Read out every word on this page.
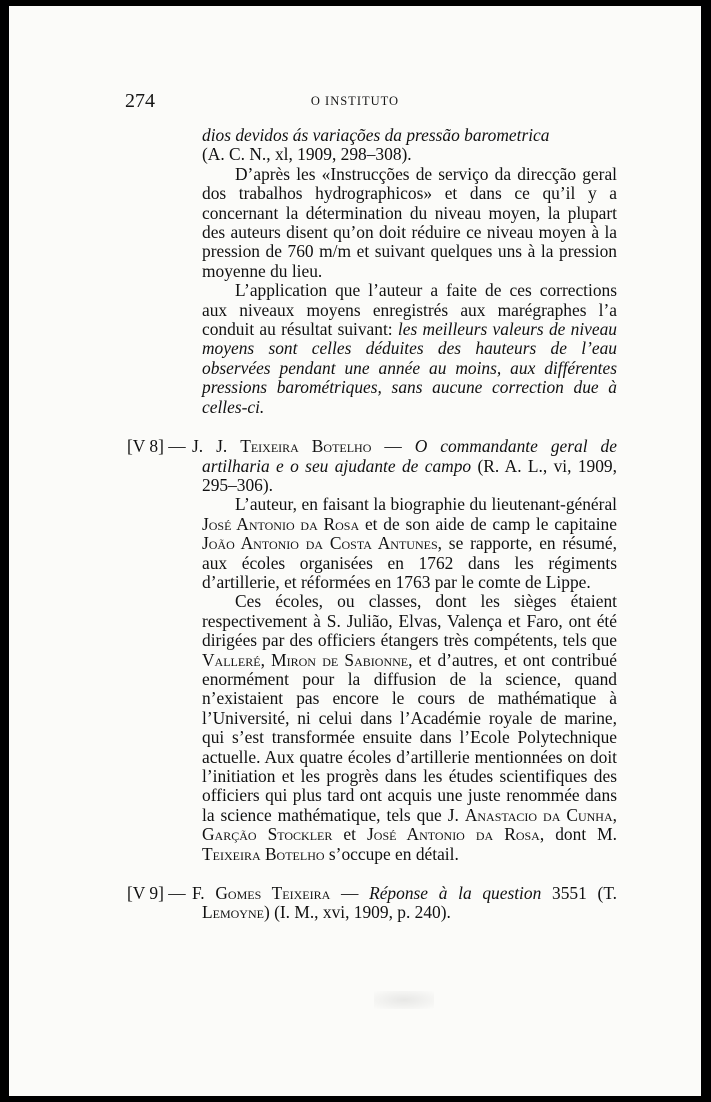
274	O INSTITUTO

dios devidos ás variações da pressão barometrica

(A. C. N., xl, 1909, 298–308).

D’après les «Instrucções de serviço da direcção geral dos trabalhos hydrographicos» et dans ce qu’il y a concernant la détermination du niveau moyen, la plupart des auteurs disent qu’on doit réduire ce niveau moyen à la pression de 760 m/m et suivant quelques uns à la pression moyenne du lieu.

L’application que l’auteur a faite de ces corrections aux niveaux moyens enregistrés aux marégraphes l’a conduit au résultat suivant: les meilleurs valeurs de niveau moyens sont celles déduites des hauteurs de l’eau observées pendant une année au moins, aux différentes pressions barométriques, sans aucune correction due à celles-ci.

[V 8] — J. J. Teixeira Botelho — O commandante geral de artilharia e o seu ajudante de campo (R. A. L., vi, 1909, 295–306).

L’auteur, en faisant la biographie du lieutenant-général José Antonio da Rosa et de son aide de camp le capitaine João Antonio da Costa Antunes, se rapporte, en résumé, aux écoles organisées en 1762 dans les régiments d’artillerie, et réformées en 1763 par le comte de Lippe.

Ces écoles, ou classes, dont les sièges étaient respectivement à S. Julião, Elvas, Valença et Faro, ont été dirigées par des officiers étangers très compétents, tels que Valleré, Miron de Sabionne, et d’autres, et ont contribué enormément pour la diffusion de la science, quand n’existaient pas encore le cours de mathématique à l’Université, ni celui dans l’Académie royale de marine, qui s’est transformée ensuite dans l’Ecole Polytechnique actuelle. Aux quatre écoles d’artillerie mentionnées on doit l’initiation et les progrès dans les études scientifiques des officiers qui plus tard ont acquis une juste renommée dans la science mathématique, tels que J. Anastacio da Cunha, Garção Stockler et José Antonio da Rosa, dont M. Teixeira Botelho s’occupe en détail.

[V 9] — F. Gomes Teixeira — Réponse à la question 3551 (T. Lemoyne) (I. M., xvi, 1909, p. 240).
